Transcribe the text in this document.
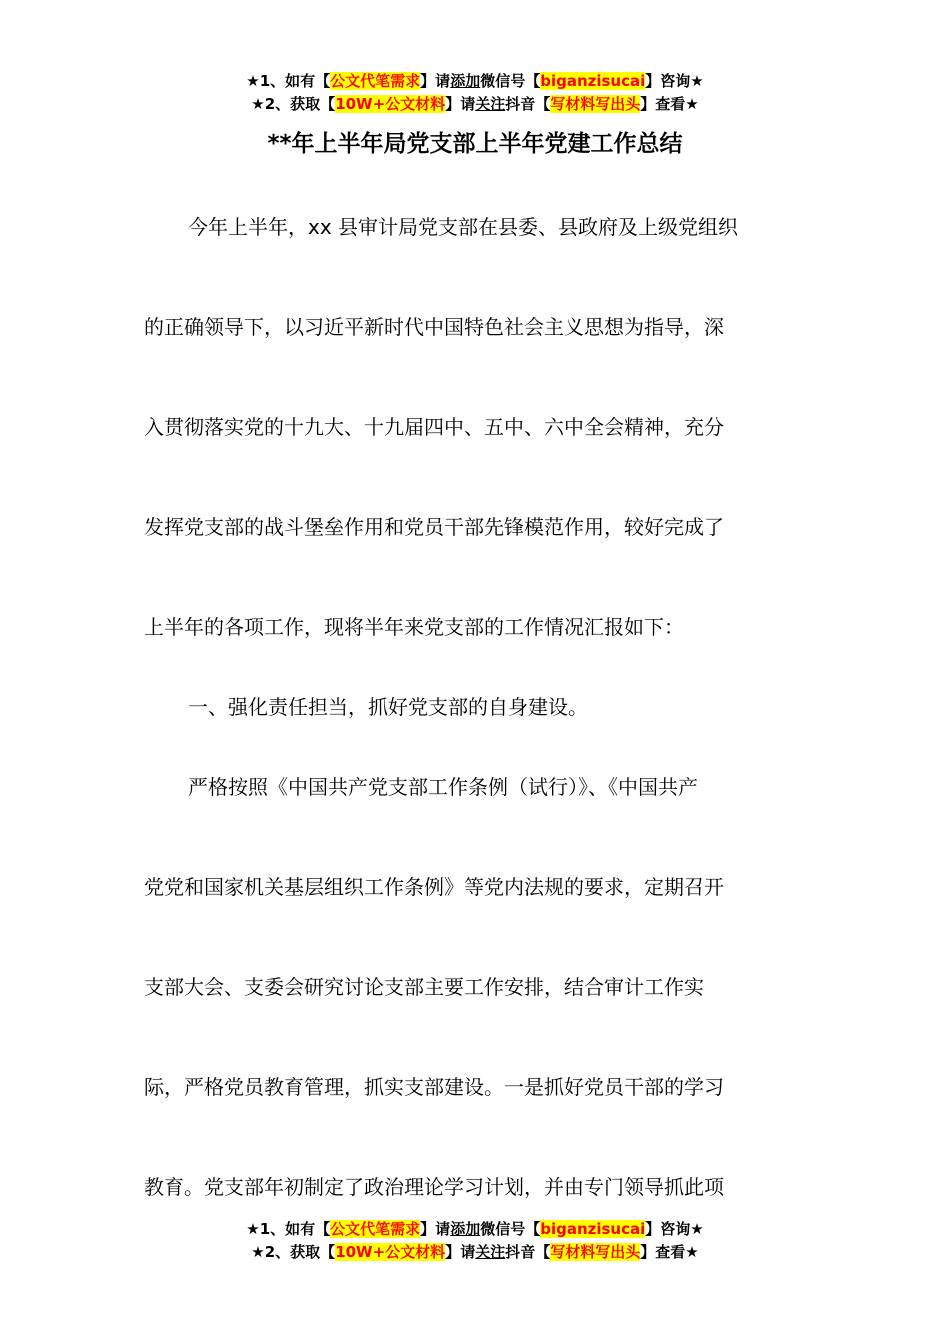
★1、如有【公文代笔需求】请添加微信号【biganzisucai】咨询★
★2、获取【10W+公文材料】请关注抖音【写材料写出头】查看★
**年上半年局党支部上半年党建工作总结
今年上半年，xx 县审计局党支部在县委、县政府及上级党组织
的正确领导下，以习近平新时代中国特色社会主义思想为指导，深
入贯彻落实党的十九大、十九届四中、五中、六中全会精神，充分
发挥党支部的战斗堡垒作用和党员干部先锋模范作用，较好完成了
上半年的各项工作，现将半年来党支部的工作情况汇报如下：
一、强化责任担当，抓好党支部的自身建设。
严格按照《中国共产党支部工作条例（试行）》、《中国共产
党党和国家机关基层组织工作条例》等党内法规的要求，定期召开
支部大会、支委会研究讨论支部主要工作安排，结合审计工作实
际，严格党员教育管理，抓实支部建设。一是抓好党员干部的学习
教育。党支部年初制定了政治理论学习计划，并由专门领导抓此项
★1、如有【公文代笔需求】请添加微信号【biganzisucai】咨询★
★2、获取【10W+公文材料】请关注抖音【写材料写出头】查看★
